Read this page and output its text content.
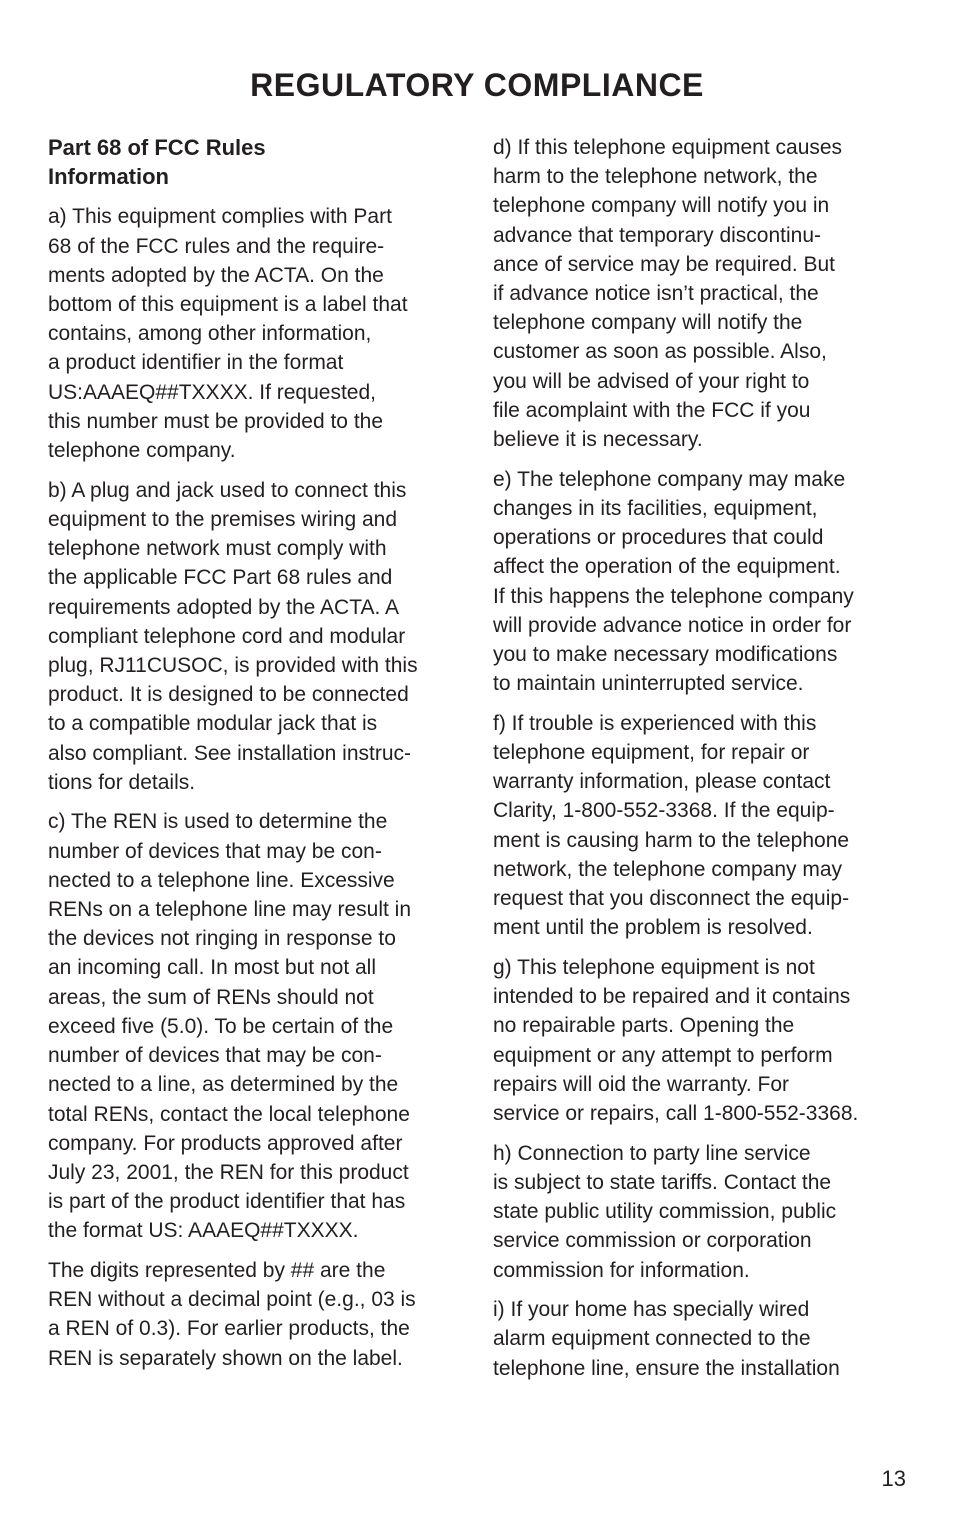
REGULATORY COMPLIANCE

Part 68 of FCC Rules
Information

a) This equipment complies with Part
68 of the FCC rules and the require-
ments adopted by the ACTA. On the
bottom of this equipment is a label that
contains, among other information,
a product identifier in the format
US:AAAEQ##TXXXX. If requested,
this number must be provided to the
telephone company.

b) A plug and jack used to connect this
equipment to the premises wiring and
telephone network must comply with
the applicable FCC Part 68 rules and
requirements adopted by the ACTA. A
compliant telephone cord and modular
plug, RJ11CUSOC, is provided with this
product. It is designed to be connected
to a compatible modular jack that is
also compliant. See installation instruc-
tions for details.

c) The REN is used to determine the
number of devices that may be con-
nected to a telephone line. Excessive
RENs on a telephone line may result in
the devices not ringing in response to
an incoming call. In most but not all
areas, the sum of RENs should not
exceed five (5.0). To be certain of the
number of devices that may be con-
nected to a line, as determined by the
total RENs, contact the local telephone
company. For products approved after
July 23, 2001, the REN for this product
is part of the product identifier that has
the format US: AAAEQ##TXXXX.

The digits represented by ## are the
REN without a decimal point (e.g., 03 is
a REN of 0.3). For earlier products, the
REN is separately shown on the label.

d) If this telephone equipment causes
harm to the telephone network, the
telephone company will notify you in
advance that temporary discontinu-
ance of service may be required. But
if advance notice isn’t practical, the
telephone company will notify the
customer as soon as possible. Also,
you will be advised of your right to
file acomplaint with the FCC if you
believe it is necessary.

e) The telephone company may make
changes in its facilities, equipment,
operations or procedures that could
affect the operation of the equipment.
If this happens the telephone company
will provide advance notice in order for
you to make necessary modifications
to maintain uninterrupted service.

f) If trouble is experienced with this
telephone equipment, for repair or
warranty information, please contact
Clarity, 1-800-552-3368. If the equip-
ment is causing harm to the telephone
network, the telephone company may
request that you disconnect the equip-
ment until the problem is resolved.

g) This telephone equipment is not
intended to be repaired and it contains
no repairable parts. Opening the
equipment or any attempt to perform
repairs will oid the warranty. For
service or repairs, call 1-800-552-3368.

h) Connection to party line service
is subject to state tariffs. Contact the
state public utility commission, public
service commission or corporation
commission for information.

i) If your home has specially wired
alarm equipment connected to the
telephone line, ensure the installation

13
